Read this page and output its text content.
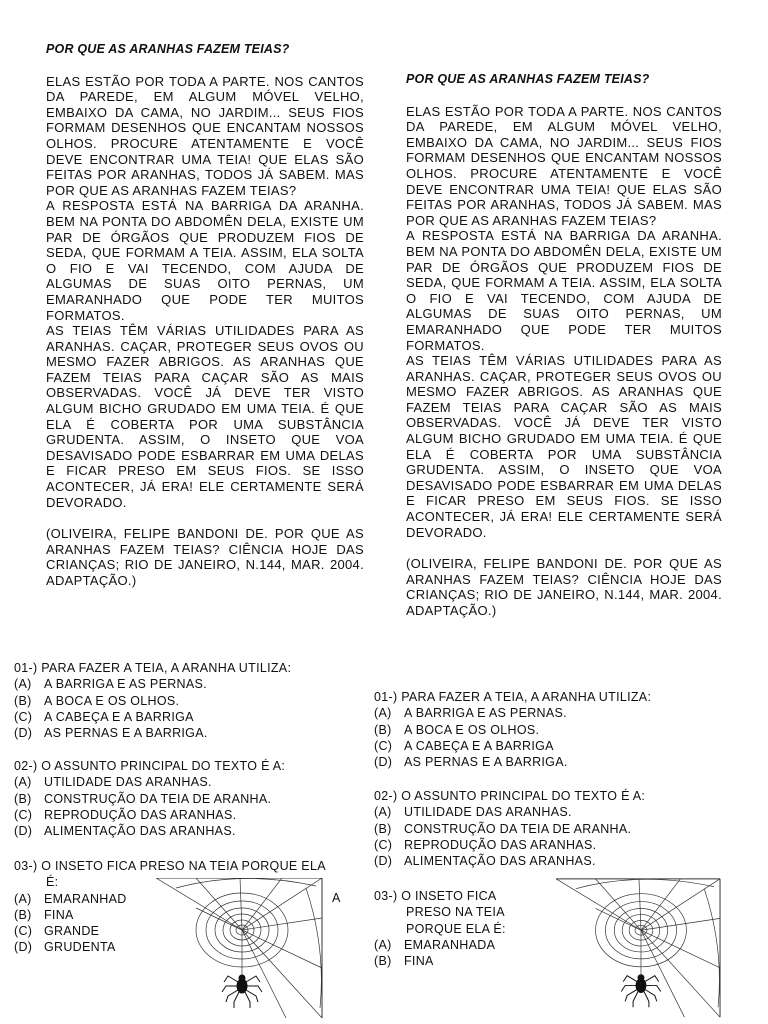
POR QUE AS ARANHAS FAZEM TEIAS?

ELAS ESTÃO POR TODA A PARTE. NOS CANTOS DA PAREDE, EM ALGUM MÓVEL VELHO, EMBAIXO DA CAMA, NO JARDIM... SEUS FIOS FORMAM DESENHOS QUE ENCANTAM NOSSOS OLHOS. PROCURE ATENTAMENTE E VOCÊ DEVE ENCONTRAR UMA TEIA! QUE ELAS SÃO FEITAS POR ARANHAS, TODOS JÁ SABEM. MAS POR QUE AS ARANHAS FAZEM TEIAS?

A RESPOSTA ESTÁ NA BARRIGA DA ARANHA. BEM NA PONTA DO ABDOMÊN DELA, EXISTE UM PAR DE ÓRGÃOS QUE PRODUZEM FIOS DE SEDA, QUE FORMAM A TEIA. ASSIM, ELA SOLTA O FIO E VAI TECENDO, COM AJUDA DE ALGUMAS DE SUAS OITO PERNAS, UM EMARANHADO QUE PODE TER MUITOS FORMATOS.

AS TEIAS TÊM VÁRIAS UTILIDADES PARA AS ARANHAS. CAÇAR, PROTEGER SEUS OVOS OU MESMO FAZER ABRIGOS. AS ARANHAS QUE FAZEM TEIAS PARA CAÇAR SÃO AS MAIS OBSERVADAS. VOCÊ JÁ DEVE TER VISTO ALGUM BICHO GRUDADO EM UMA TEIA. É QUE ELA É COBERTA POR UMA SUBSTÂNCIA GRUDENTA. ASSIM, O INSETO QUE VOA DESAVISADO PODE ESBARRAR EM UMA DELAS E FICAR PRESO EM SEUS FIOS. SE ISSO ACONTECER, JÁ ERA! ELE CERTAMENTE SERÁ DEVORADO.

(OLIVEIRA, FELIPE BANDONI DE. POR QUE AS ARANHAS FAZEM TEIAS? CIÊNCIA HOJE DAS CRIANÇAS; RIO DE JANEIRO, N.144, MAR. 2004. ADAPTAÇÃO.)

01-) PARA FAZER A TEIA, A ARANHA UTILIZA:

(A) A BARRIGA E AS PERNAS.

(B) A BOCA E OS OLHOS.

(C) A CABEÇA E A BARRIGA

(D) AS PERNAS E A BARRIGA.

02-) O ASSUNTO PRINCIPAL DO TEXTO É A:

(A) UTILIDADE DAS ARANHAS.

(B) CONSTRUÇÃO DA TEIA DE ARANHA.

(C) REPRODUÇÃO DAS ARANHAS.

(D) ALIMENTAÇÃO DAS ARANHAS.

03-) O INSETO FICA PRESO NA TEIA PORQUE ELA

É:

(A) EMARANHAD

(B) FINA

(C) GRANDE

(D) GRUDENTA

A

POR QUE AS ARANHAS FAZEM TEIAS?

ELAS ESTÃO POR TODA A PARTE. NOS CANTOS DA PAREDE, EM ALGUM MÓVEL VELHO, EMBAIXO DA CAMA, NO JARDIM... SEUS FIOS FORMAM DESENHOS QUE ENCANTAM NOSSOS OLHOS. PROCURE ATENTAMENTE E VOCÊ DEVE ENCONTRAR UMA TEIA! QUE ELAS SÃO FEITAS POR ARANHAS, TODOS JÁ SABEM. MAS POR QUE AS ARANHAS FAZEM TEIAS?

A RESPOSTA ESTÁ NA BARRIGA DA ARANHA. BEM NA PONTA DO ABDOMÊN DELA, EXISTE UM PAR DE ÓRGÃOS QUE PRODUZEM FIOS DE SEDA, QUE FORMAM A TEIA. ASSIM, ELA SOLTA O FIO E VAI TECENDO, COM AJUDA DE ALGUMAS DE SUAS OITO PERNAS, UM EMARANHADO QUE PODE TER MUITOS FORMATOS.

AS TEIAS TÊM VÁRIAS UTILIDADES PARA AS ARANHAS. CAÇAR, PROTEGER SEUS OVOS OU MESMO FAZER ABRIGOS. AS ARANHAS QUE FAZEM TEIAS PARA CAÇAR SÃO AS MAIS OBSERVADAS. VOCÊ JÁ DEVE TER VISTO ALGUM BICHO GRUDADO EM UMA TEIA. É QUE ELA É COBERTA POR UMA SUBSTÂNCIA GRUDENTA. ASSIM, O INSETO QUE VOA DESAVISADO PODE ESBARRAR EM UMA DELAS E FICAR PRESO EM SEUS FIOS. SE ISSO ACONTECER, JÁ ERA! ELE CERTAMENTE SERÁ DEVORADO.

(OLIVEIRA, FELIPE BANDONI DE. POR QUE AS ARANHAS FAZEM TEIAS? CIÊNCIA HOJE DAS CRIANÇAS; RIO DE JANEIRO, N.144, MAR. 2004. ADAPTAÇÃO.)

01-) PARA FAZER A TEIA, A ARANHA UTILIZA:

(A) A BARRIGA E AS PERNAS.

(B) A BOCA E OS OLHOS.

(C) A CABEÇA E A BARRIGA

(D) AS PERNAS E A BARRIGA.

02-) O ASSUNTO PRINCIPAL DO TEXTO É A:

(A) UTILIDADE DAS ARANHAS.

(B) CONSTRUÇÃO DA TEIA DE ARANHA.

(C) REPRODUÇÃO DAS ARANHAS.

(D) ALIMENTAÇÃO DAS ARANHAS.

03-) O INSETO FICA

PRESO NA TEIA

PORQUE ELA É:

(A) EMARANHADA

(B) FINA
